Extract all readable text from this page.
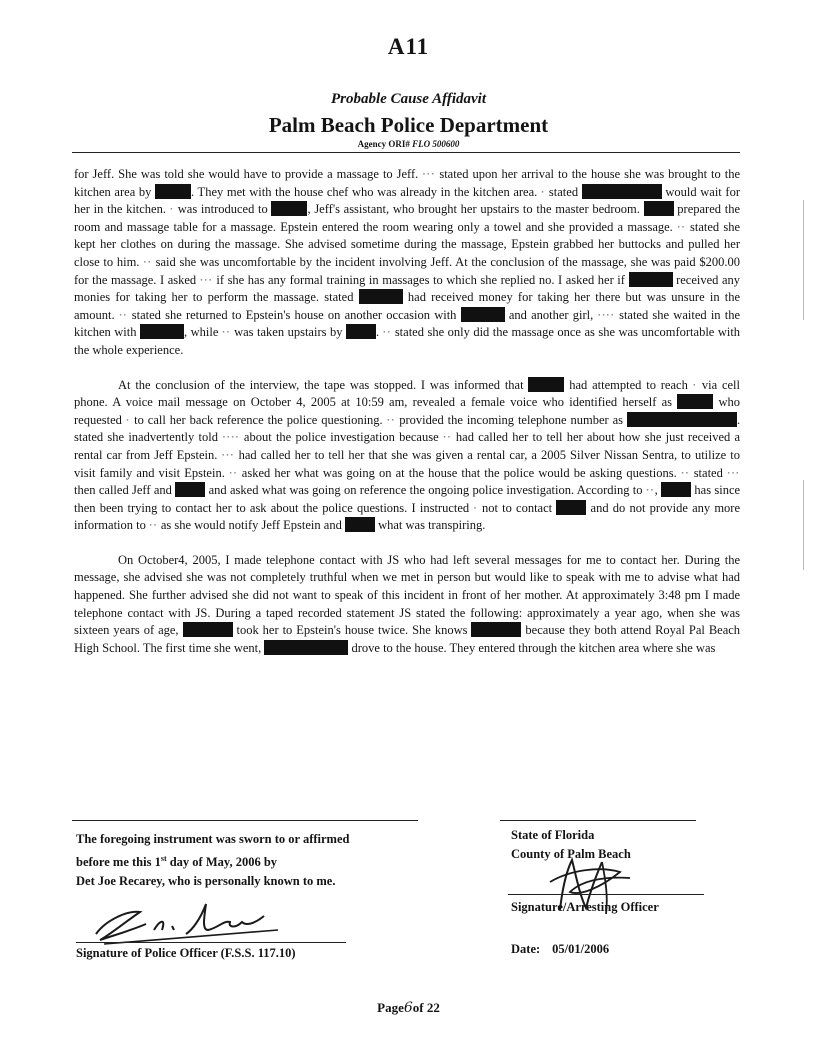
A11
Probable Cause Affidavit
Palm Beach Police Department
Agency ORI# FLO 500600

for Jeff. She was told she would have to provide a massage to Jeff. ⸱⸱⸱ stated upon her arrival to the house she was brought to the kitchen area by	. They met with the house chef who was already in the kitchen area. ⸱ stated	would wait for her in the kitchen. ⸱ was introduced to	, Jeff's assistant, who brought her upstairs to the master bedroom.	prepared the room and massage table for a massage. Epstein entered the room wearing only a towel and she provided a massage. ⸱⸱ stated she kept her clothes on during the massage. She advised sometime during the massage, Epstein grabbed her buttocks and pulled her close to him. ⸱⸱ said she was uncomfortable by the incident involving Jeff. At the conclusion of the massage, she was paid $200.00 for the massage. I asked ⸱⸱⸱ if she has any formal training in massages to which she replied no. I asked her if	received any monies for taking her to perform the massage. stated	had received money for taking her there but was unsure in the amount. ⸱⸱ stated she returned to Epstein's house on another occasion with	and another girl, ⸱⸱⸱⸱ stated she waited in the kitchen with	, while ⸱⸱ was taken upstairs by	. ⸱⸱ stated she only did the massage once as she was uncomfortable with the whole experience.

At the conclusion of the interview, the tape was stopped. I was informed that	had attempted to reach ⸱ via cell phone. A voice mail message on October 4, 2005 at 10:59 am, revealed a female voice who identified herself as	who requested ⸱ to call her back reference the police questioning. ⸱⸱ provided the incoming telephone number as	. stated she inadvertently told ⸱⸱⸱⸱ about the police investigation because ⸱⸱ had called her to tell her about how she just received a rental car from Jeff Epstein. ⸱⸱⸱ had called her to tell her that she was given a rental car, a 2005 Silver Nissan Sentra, to utilize to visit family and visit Epstein. ⸱⸱ asked her what was going on at the house that the police would be asking questions. ⸱⸱ stated ⸱⸱⸱ then called Jeff and	and asked what was going on reference the ongoing police investigation. According to ⸱⸱,	has since then been trying to contact her to ask about the police questions. I instructed ⸱ not to contact	and do not provide any more information to ⸱⸱ as she would notify Jeff Epstein and	what was transpiring.

On October4, 2005, I made telephone contact with JS who had left several messages for me to contact her. During the message, she advised she was not completely truthful when we met in person but would like to speak with me to advise what had happened. She further advised she did not want to speak of this incident in front of her mother. At approximately 3:48 pm I made telephone contact with JS. During a taped recorded statement JS stated the following: approximately a year ago, when she was sixteen years of age,	took her to Epstein's house twice. She knows	because they both attend Royal Pal Beach High School. The first time she went,	drove to the house. They entered through the kitchen area where she was

The foregoing instrument was sworn to or affirmed
before me this 1st day of May, 2006 by
Det Joe Recarey, who is personally known to me.
Signature of Police Officer (F.S.S. 117.10)
State of Florida
County of Palm Beach
Signature/Arresting Officer
Date: 05/01/2006
Page6of 22
